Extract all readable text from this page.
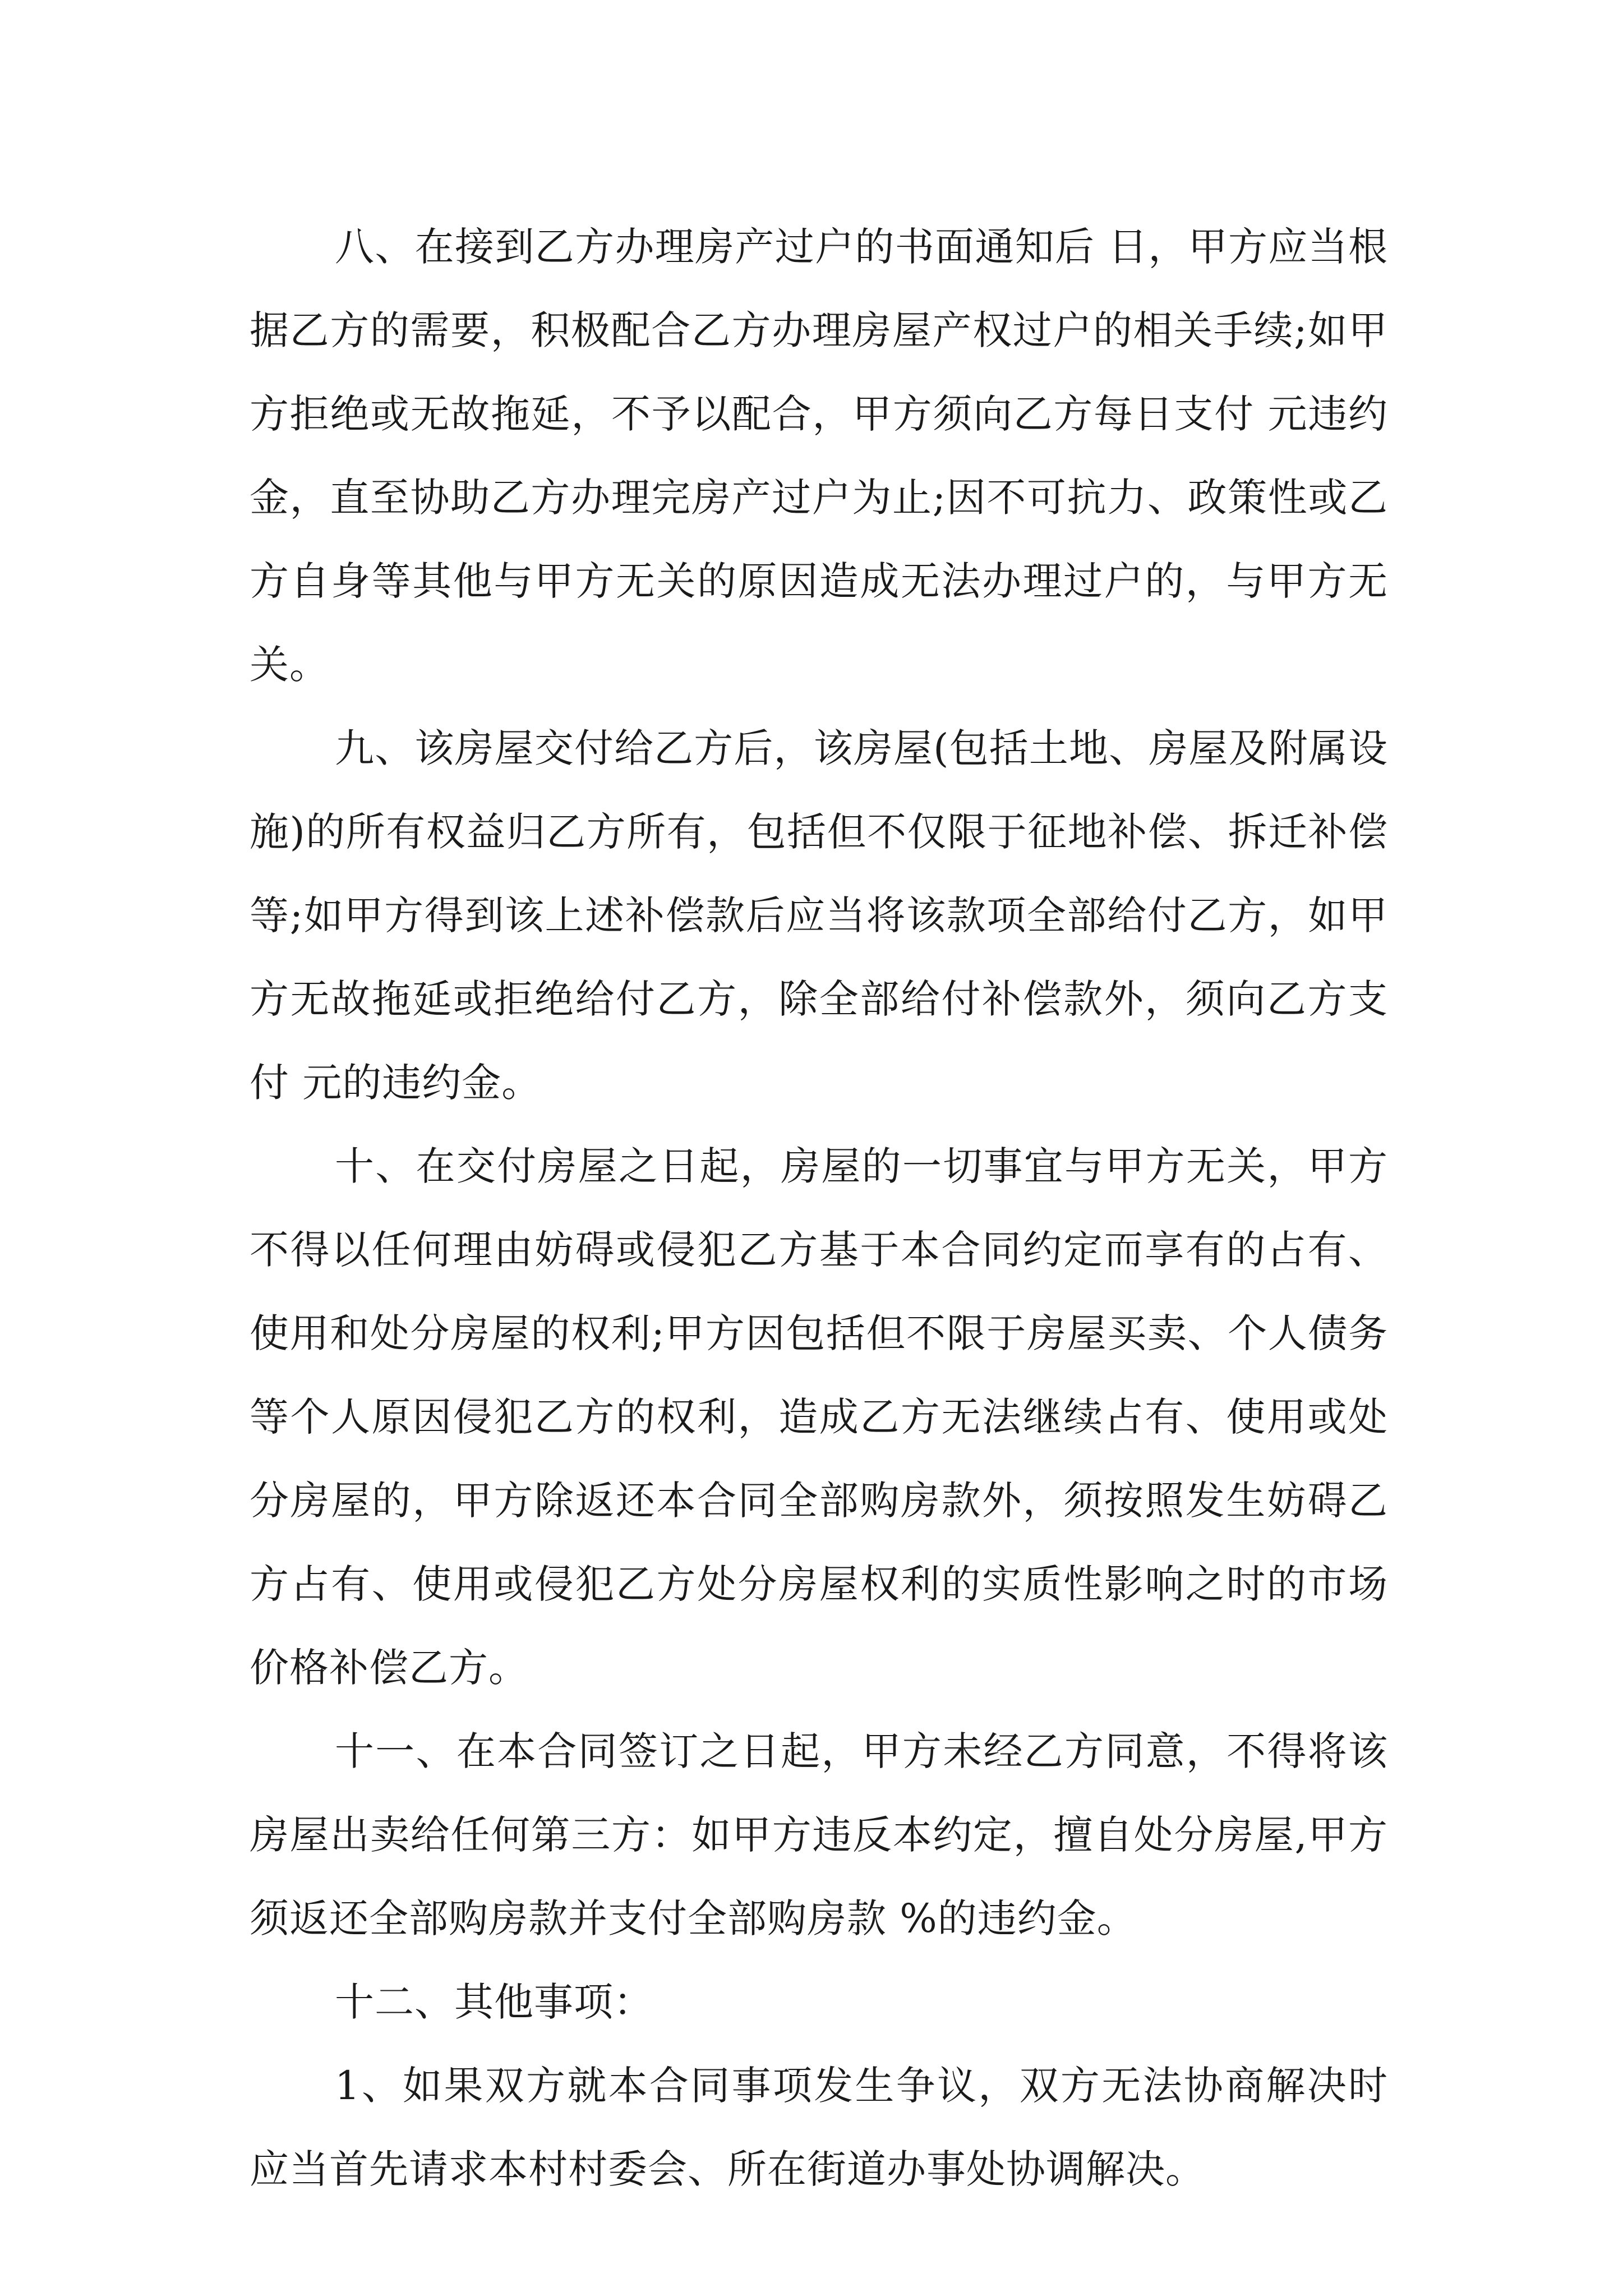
八、在接到乙方办理房产过户的书面通知后 日，甲方应当根据乙方的需要，积极配合乙方办理房屋产权过户的相关手续;如甲方拒绝或无故拖延，不予以配合，甲方须向乙方每日支付 元违约金，直至协助乙方办理完房产过户为止;因不可抗力、政策性或乙方自身等其他与甲方无关的原因造成无法办理过户的，与甲方无关。

九、该房屋交付给乙方后，该房屋(包括土地、房屋及附属设施)的所有权益归乙方所有，包括但不仅限于征地补偿、拆迁补偿等;如甲方得到该上述补偿款后应当将该款项全部给付乙方，如甲方无故拖延或拒绝给付乙方，除全部给付补偿款外，须向乙方支付 元的违约金。

十、在交付房屋之日起，房屋的一切事宜与甲方无关，甲方不得以任何理由妨碍或侵犯乙方基于本合同约定而享有的占有、使用和处分房屋的权利;甲方因包括但不限于房屋买卖、个人债务等个人原因侵犯乙方的权利，造成乙方无法继续占有、使用或处分房屋的，甲方除返还本合同全部购房款外，须按照发生妨碍乙方占有、使用或侵犯乙方处分房屋权利的实质性影响之时的市场价格补偿乙方。

十一、在本合同签订之日起，甲方未经乙方同意，不得将该房屋出卖给任何第三方：如甲方违反本约定，擅自处分房屋,甲方须返还全部购房款并支付全部购房款 %的违约金。

十二、其他事项：

1、如果双方就本合同事项发生争议，双方无法协商解决时应当首先请求本村村委会、所在街道办事处协调解决。
